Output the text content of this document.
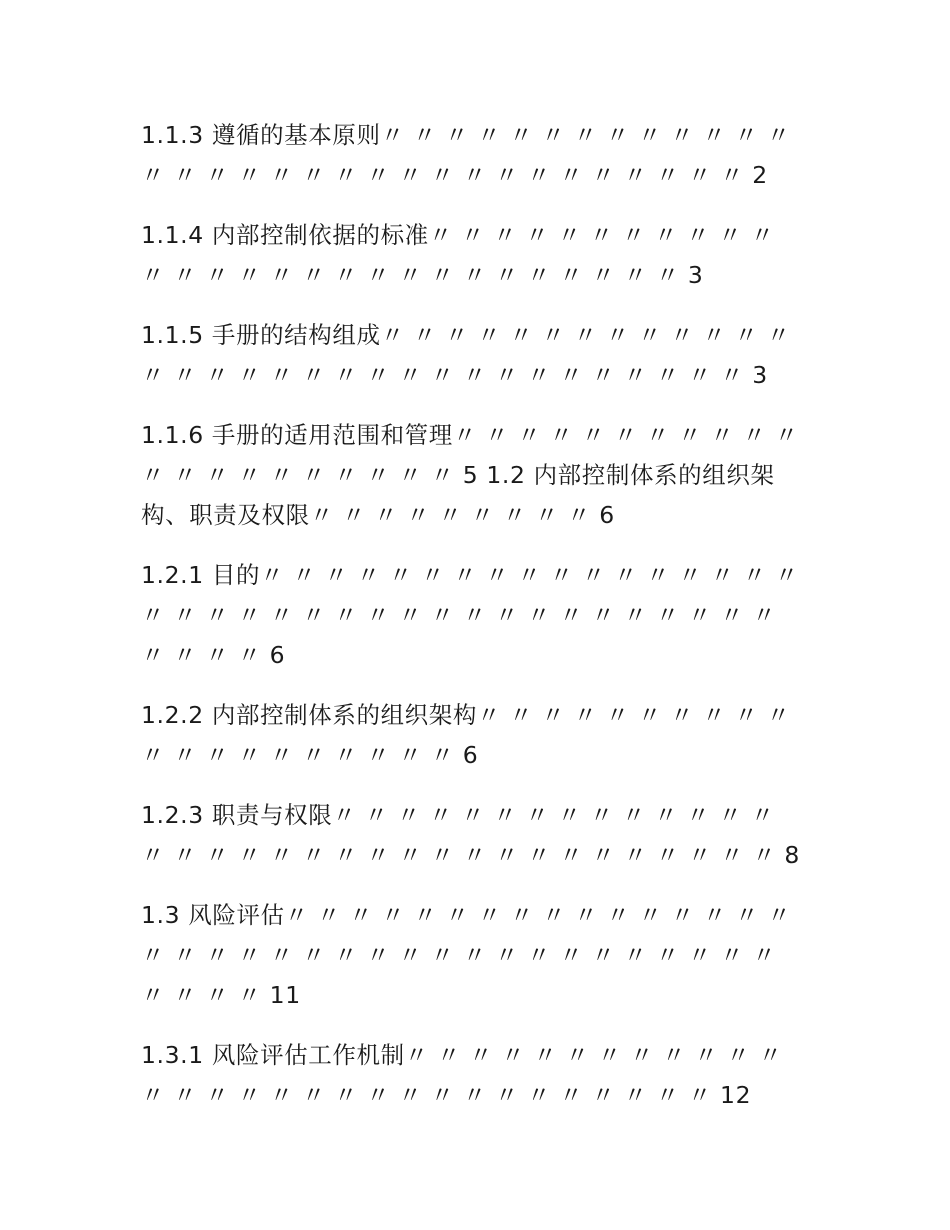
1.1.3 遵循的基本原则〃 〃 〃 〃 〃 〃 〃 〃 〃 〃 〃 〃 〃 〃 〃 〃 〃 〃 〃 〃 〃 〃 〃 〃 〃 〃 〃 〃 〃 〃 〃 〃 2
1.1.4 内部控制依据的标准〃 〃 〃 〃 〃 〃 〃 〃 〃 〃 〃 〃 〃 〃 〃 〃 〃 〃 〃 〃 〃 〃 〃 〃 〃 〃 〃 〃 3
1.1.5 手册的结构组成〃 〃 〃 〃 〃 〃 〃 〃 〃 〃 〃 〃 〃 〃 〃 〃 〃 〃 〃 〃 〃 〃 〃 〃 〃 〃 〃 〃 〃 〃 〃 〃 3
1.1.6 手册的适用范围和管理〃 〃 〃 〃 〃 〃 〃 〃 〃 〃 〃 〃 〃 〃 〃 〃 〃 〃 〃 〃 〃 5 1.2 内部控制体系的组织架构、职责及权限〃 〃 〃 〃 〃 〃 〃 〃 〃 6
1.2.1 目的〃 〃 〃 〃 〃 〃 〃 〃 〃 〃 〃 〃 〃 〃 〃 〃 〃 〃 〃 〃 〃 〃 〃 〃 〃 〃 〃 〃 〃 〃 〃 〃 〃 〃 〃 〃 〃 〃 〃 〃 〃 6
1.2.2 内部控制体系的组织架构〃 〃 〃 〃 〃 〃 〃 〃 〃 〃 〃 〃 〃 〃 〃 〃 〃 〃 〃 〃 6
1.2.3 职责与权限〃 〃 〃 〃 〃 〃 〃 〃 〃 〃 〃 〃 〃 〃 〃 〃 〃 〃 〃 〃 〃 〃 〃 〃 〃 〃 〃 〃 〃 〃 〃 〃 〃 〃 8
1.3 风险评估〃 〃 〃 〃 〃 〃 〃 〃 〃 〃 〃 〃 〃 〃 〃 〃 〃 〃 〃 〃 〃 〃 〃 〃 〃 〃 〃 〃 〃 〃 〃 〃 〃 〃 〃 〃 〃 〃 〃 〃 11
1.3.1 风险评估工作机制〃 〃 〃 〃 〃 〃 〃 〃 〃 〃 〃 〃 〃 〃 〃 〃 〃 〃 〃 〃 〃 〃 〃 〃 〃 〃 〃 〃 〃 〃 12
